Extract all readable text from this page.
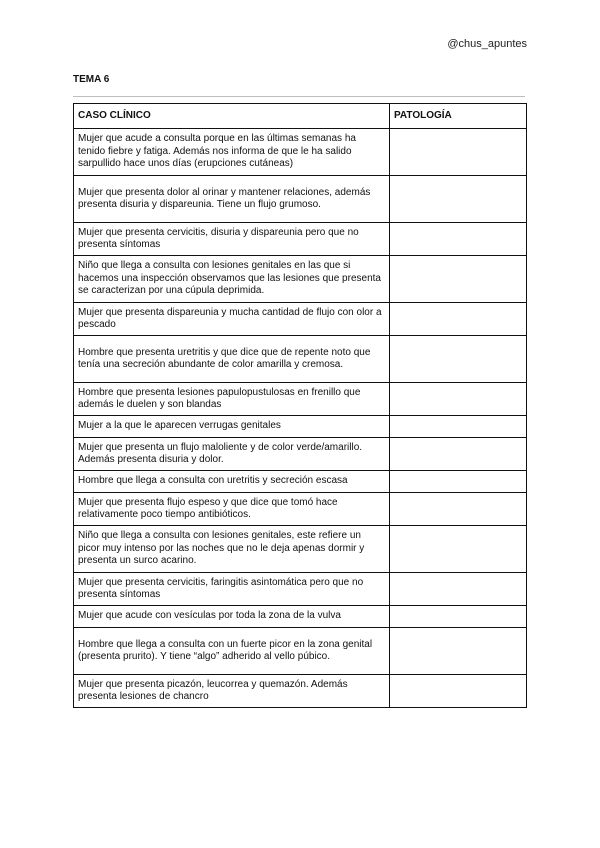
@chus_apuntes
TEMA 6
CASO CLÍNICO	PATOLOGÍA
Mujer que acude a consulta porque en las últimas semanas ha tenido fiebre y fatiga. Además nos informa de que le ha salido sarpullido hace unos días (erupciones cutáneas)	
Mujer que presenta dolor al orinar y mantener relaciones, además presenta disuria y dispareunia. Tiene un flujo grumoso.	
Mujer que presenta cervicitis, disuria y dispareunia pero que no presenta síntomas	
Niño que llega a consulta con lesiones genitales en las que si hacemos una inspección observamos que las lesiones que presenta se caracterizan por una cúpula deprimida.	
Mujer que presenta dispareunia y mucha cantidad de flujo con olor a pescado	
Hombre que presenta uretritis y que dice que de repente noto que tenía una secreción abundante de color amarilla y cremosa.	
Hombre que presenta lesiones papulopustulosas en frenillo que además le duelen y son blandas	
Mujer a la que le aparecen verrugas genitales	
Mujer que presenta un flujo maloliente y de color verde/amarillo. Además presenta disuria y dolor.	
Hombre que llega a consulta con uretritis y secreción escasa	
Mujer que presenta flujo espeso y que dice que tomó hace relativamente poco tiempo antibióticos.	
Niño que llega a consulta con lesiones genitales, este refiere un picor muy intenso por las noches que no le deja apenas dormir y presenta un surco acarino.	
Mujer que presenta cervicitis, faringitis asintomática pero que no presenta síntomas	
Mujer que acude con vesículas por toda la zona de la vulva	
Hombre que llega a consulta con un fuerte picor en la zona genital (presenta prurito). Y tiene “algo” adherido al vello púbico.	
Mujer que presenta picazón, leucorrea y quemazón. Además presenta lesiones de chancro	
